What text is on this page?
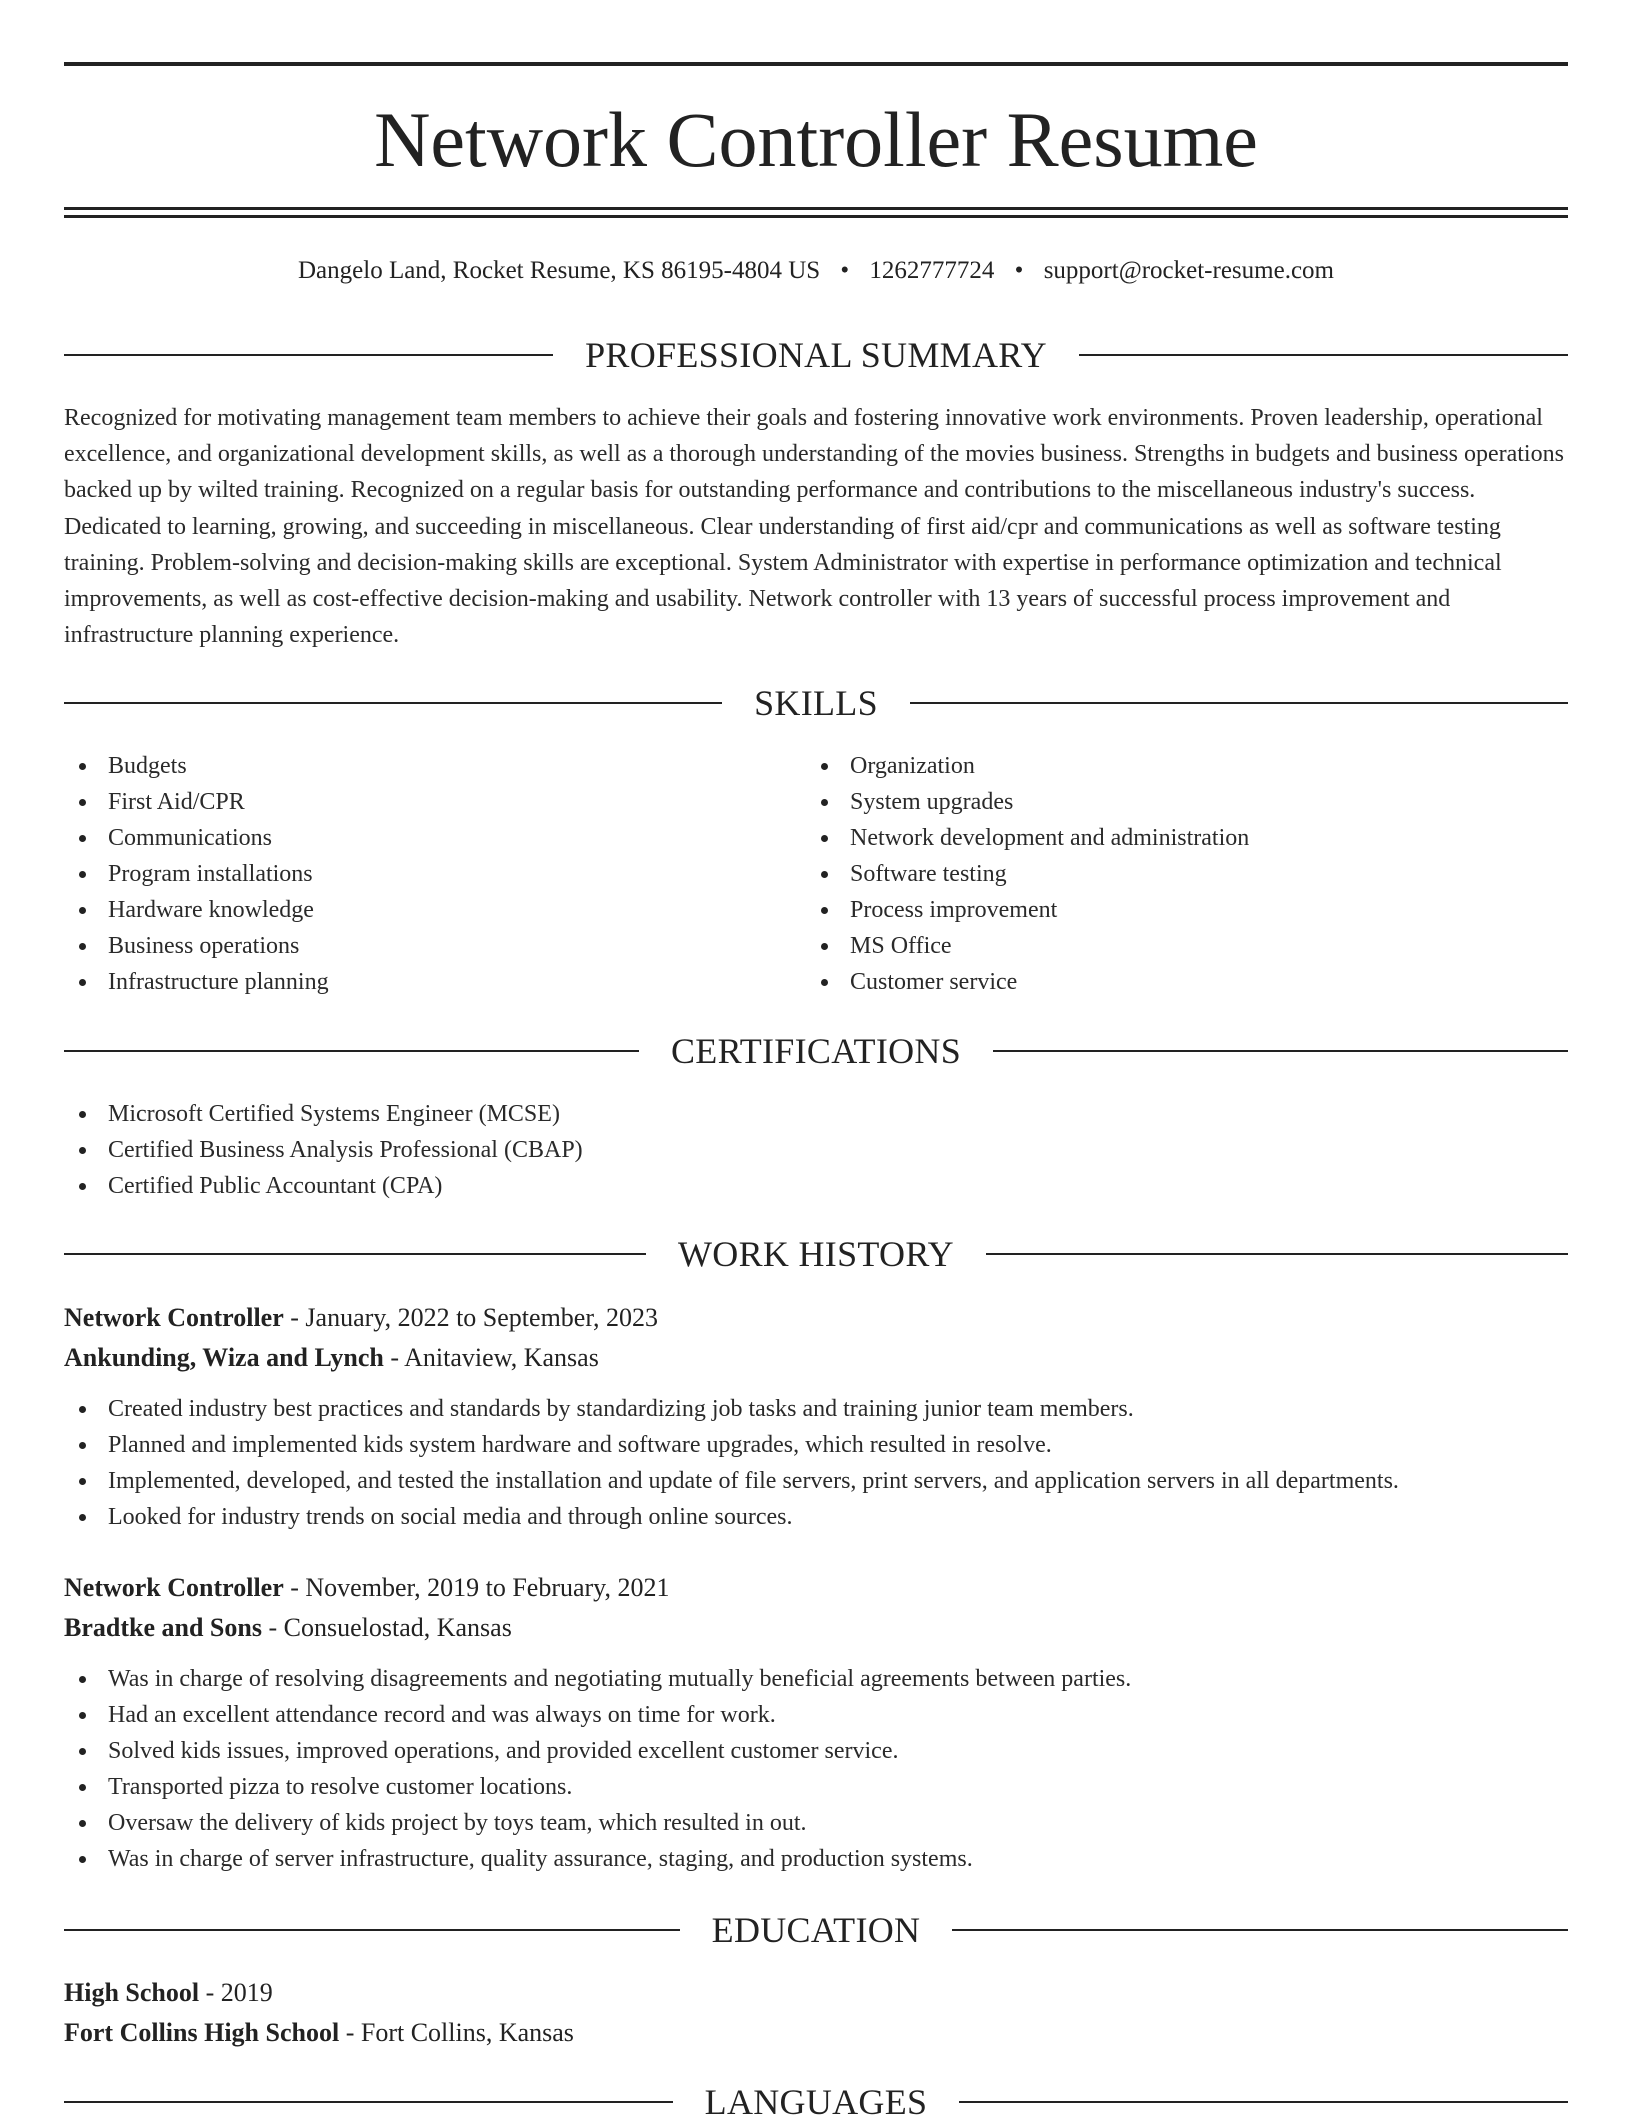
Network Controller Resume
Dangelo Land, Rocket Resume, KS 86195-4804 US • 1262777724 • support@rocket-resume.com
PROFESSIONAL SUMMARY

Recognized for motivating management team members to achieve their goals and fostering innovative work environments. Proven leadership, operational excellence, and organizational development skills, as well as a thorough understanding of the movies business. Strengths in budgets and business operations backed up by wilted training. Recognized on a regular basis for outstanding performance and contributions to the miscellaneous industry's success. Dedicated to learning, growing, and succeeding in miscellaneous. Clear understanding of first aid/cpr and communications as well as software testing training. Problem-solving and decision-making skills are exceptional. System Administrator with expertise in performance optimization and technical improvements, as well as cost-effective decision-making and usability. Network controller with 13 years of successful process improvement and infrastructure planning experience.

SKILLS
Budgets
First Aid/CPR
Communications
Program installations
Hardware knowledge
Business operations
Infrastructure planning
Organization
System upgrades
Network development and administration
Software testing
Process improvement
MS Office
Customer service
CERTIFICATIONS
Microsoft Certified Systems Engineer (MCSE)
Certified Business Analysis Professional (CBAP)
Certified Public Accountant (CPA)
WORK HISTORY
Network Controller - January, 2022 to September, 2023
Ankunding, Wiza and Lynch - Anitaview, Kansas
Created industry best practices and standards by standardizing job tasks and training junior team members.
Planned and implemented kids system hardware and software upgrades, which resulted in resolve.
Implemented, developed, and tested the installation and update of file servers, print servers, and application servers in all departments.
Looked for industry trends on social media and through online sources.
Network Controller - November, 2019 to February, 2021
Bradtke and Sons - Consuelostad, Kansas
Was in charge of resolving disagreements and negotiating mutually beneficial agreements between parties.
Had an excellent attendance record and was always on time for work.
Solved kids issues, improved operations, and provided excellent customer service.
Transported pizza to resolve customer locations.
Oversaw the delivery of kids project by toys team, which resulted in out.
Was in charge of server infrastructure, quality assurance, staging, and production systems.
EDUCATION
High School - 2019
Fort Collins High School - Fort Collins, Kansas
LANGUAGES
